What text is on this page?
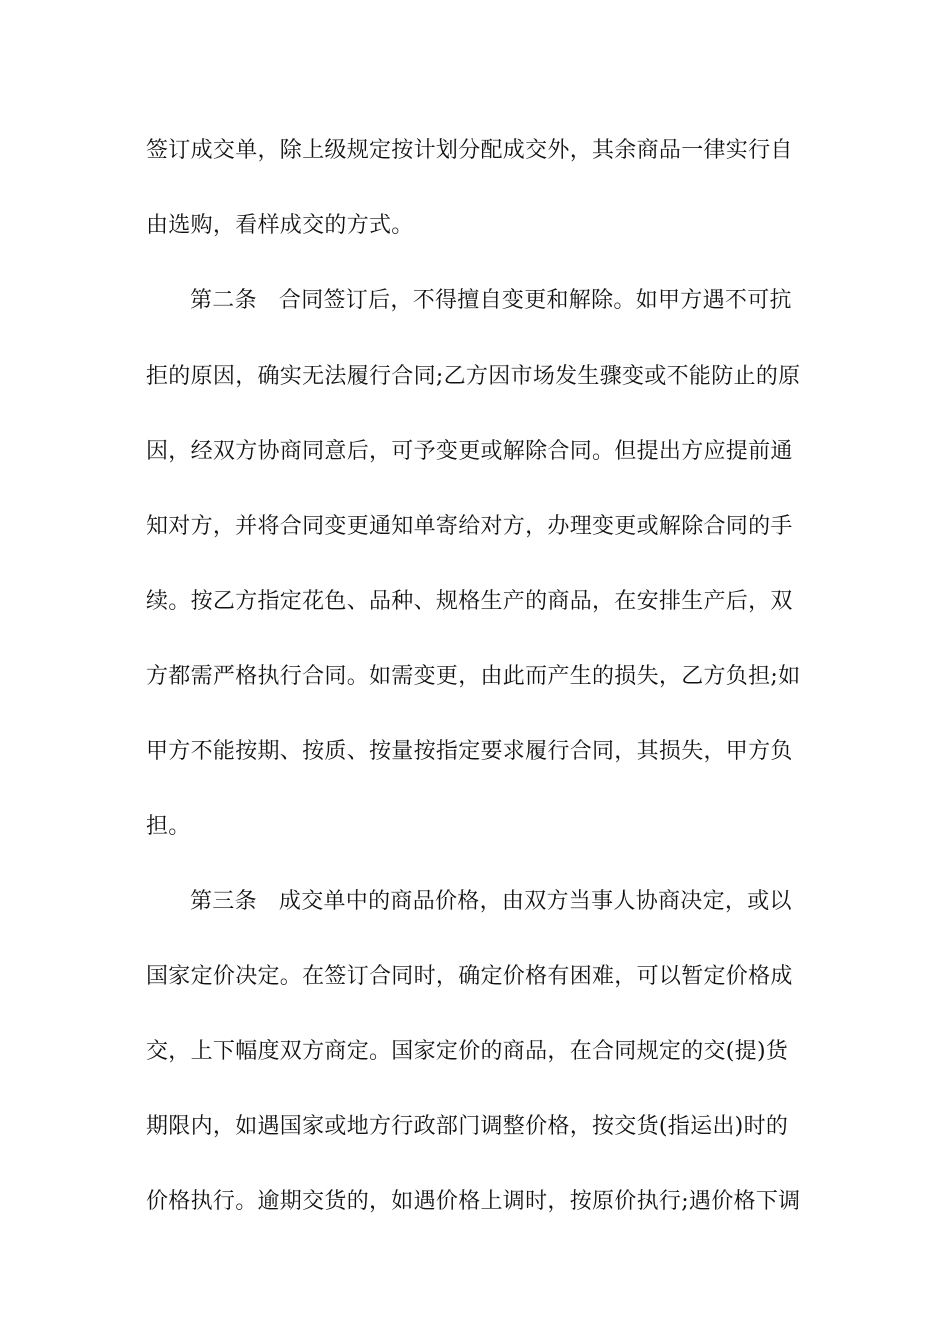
签订成交单，除上级规定按计划分配成交外，其余商品一律实行自
由选购，看样成交的方式。
第二条 合同签订后，不得擅自变更和解除。如甲方遇不可抗
拒的原因，确实无法履行合同;乙方因市场发生骤变或不能防止的原
因，经双方协商同意后，可予变更或解除合同。但提出方应提前通
知对方，并将合同变更通知单寄给对方，办理变更或解除合同的手
续。按乙方指定花色、品种、规格生产的商品，在安排生产后，双
方都需严格执行合同。如需变更，由此而产生的损失，乙方负担;如
甲方不能按期、按质、按量按指定要求履行合同，其损失，甲方负
担。
第三条 成交单中的商品价格，由双方当事人协商决定，或以
国家定价决定。在签订合同时，确定价格有困难，可以暂定价格成
交，上下幅度双方商定。国家定价的商品，在合同规定的交(提)货
期限内，如遇国家或地方行政部门调整价格，按交货(指运出)时的
价格执行。逾期交货的，如遇价格上调时，按原价执行;遇价格下调
